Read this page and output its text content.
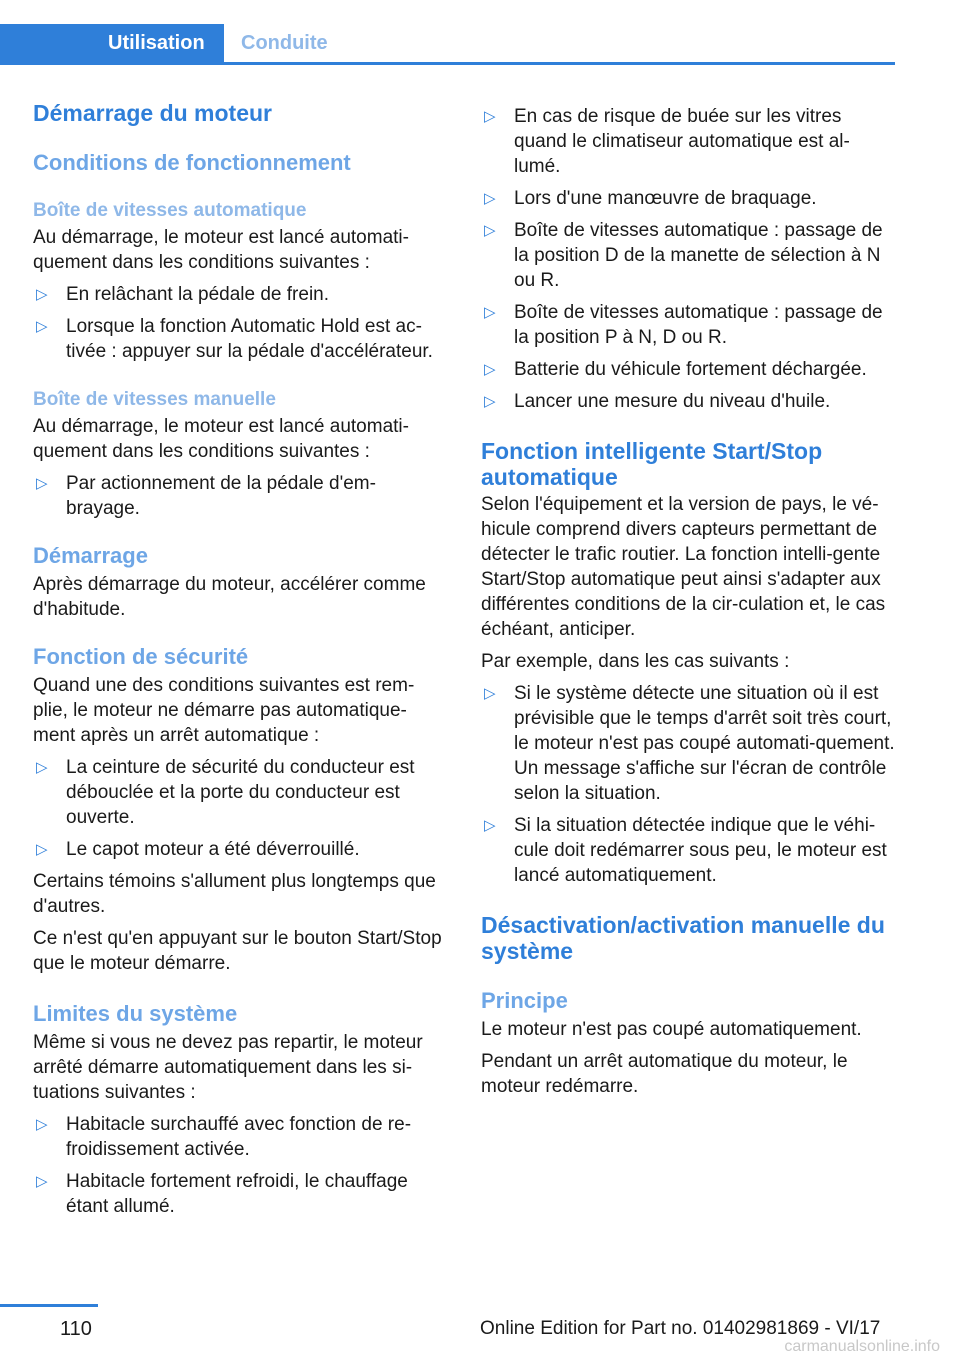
Utilisation	Conduite
Démarrage du moteur
Conditions de fonctionnement
Boîte de vitesses automatique
Au démarrage, le moteur est lancé automati-quement dans les conditions suivantes :
▷ En relâchant la pédale de frein.
▷ Lorsque la fonction Automatic Hold est ac-tivée : appuyer sur la pédale d'accélérateur.
Boîte de vitesses manuelle
Au démarrage, le moteur est lancé automati-quement dans les conditions suivantes :
▷ Par actionnement de la pédale d'em-brayage.
Démarrage
Après démarrage du moteur, accélérer comme d'habitude.
Fonction de sécurité
Quand une des conditions suivantes est rem-plie, le moteur ne démarre pas automatique-ment après un arrêt automatique :
▷ La ceinture de sécurité du conducteur est débouclée et la porte du conducteur est ouverte.
▷ Le capot moteur a été déverrouillé.
Certains témoins s'allument plus longtemps que d'autres.
Ce n'est qu'en appuyant sur le bouton Start/Stop que le moteur démarre.
Limites du système
Même si vous ne devez pas repartir, le moteur arrêté démarre automatiquement dans les si-tuations suivantes :
▷ Habitacle surchauffé avec fonction de re-froidissement activée.
▷ Habitacle fortement refroidi, le chauffage étant allumé.
▷ En cas de risque de buée sur les vitres quand le climatiseur automatique est al-lumé.
▷ Lors d'une manœuvre de braquage.
▷ Boîte de vitesses automatique : passage de la position D de la manette de sélection à N ou R.
▷ Boîte de vitesses automatique : passage de la position P à N, D ou R.
▷ Batterie du véhicule fortement déchargée.
▷ Lancer une mesure du niveau d'huile.
Fonction intelligente Start/Stop automatique
Selon l'équipement et la version de pays, le vé-hicule comprend divers capteurs permettant de détecter le trafic routier. La fonction intelli-gente Start/Stop automatique peut ainsi s'adapter aux différentes conditions de la cir-culation et, le cas échéant, anticiper.
Par exemple, dans les cas suivants :
▷ Si le système détecte une situation où il est prévisible que le temps d'arrêt soit très court, le moteur n'est pas coupé automati-quement. Un message s'affiche sur l'écran de contrôle selon la situation.
▷ Si la situation détectée indique que le véhi-cule doit redémarrer sous peu, le moteur est lancé automatiquement.
Désactivation/activation manuelle du système
Principe
Le moteur n'est pas coupé automatiquement.
Pendant un arrêt automatique du moteur, le moteur redémarre.
110	Online Edition for Part no. 01402981869 - VI/17
carmanualsonline.info
